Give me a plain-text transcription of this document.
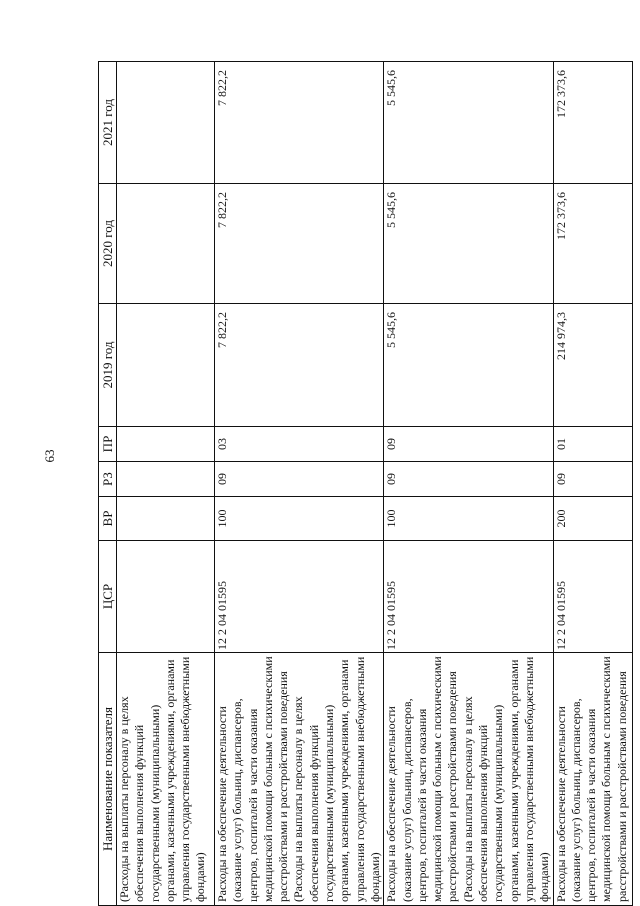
63
Наименование показателя	ЦСР	ВР	РЗ	ПР	2019 год	2020 год	2021 год
(Расходы на выплаты персоналу в целях обеспечения выполнения функций государственными (муниципальными) органами, казенными учреждениями, органами управления государственными внебюджетными фондами)							
Расходы на обеспечение деятельности (оказание услуг) больниц, диспансеров, центров, госпиталей в части оказания медицинской помощи больным с психическими расстройствами и расстройствами поведения (Расходы на выплаты персоналу в целях обеспечения выполнения функций государственными (муниципальными) органами, казенными учреждениями, органами управления государственными внебюджетными фондами)	12 2 04 01595	100	09	03	7 822,2	7 822,2	7 822,2
Расходы на обеспечение деятельности (оказание услуг) больниц, диспансеров, центров, госпиталей в части оказания медицинской помощи больным с психическими расстройствами и расстройствами поведения (Расходы на выплаты персоналу в целях обеспечения выполнения функций государственными (муниципальными) органами, казенными учреждениями, органами управления государственными внебюджетными фондами)	12 2 04 01595	100	09	09	5 545,6	5 545,6	5 545,6
Расходы на обеспечение деятельности (оказание услуг) больниц, диспансеров, центров, госпиталей в части оказания медицинской помощи больным с психическими расстройствами и расстройствами поведения	12 2 04 01595	200	09	01	214 974,3	172 373,6	172 373,6
